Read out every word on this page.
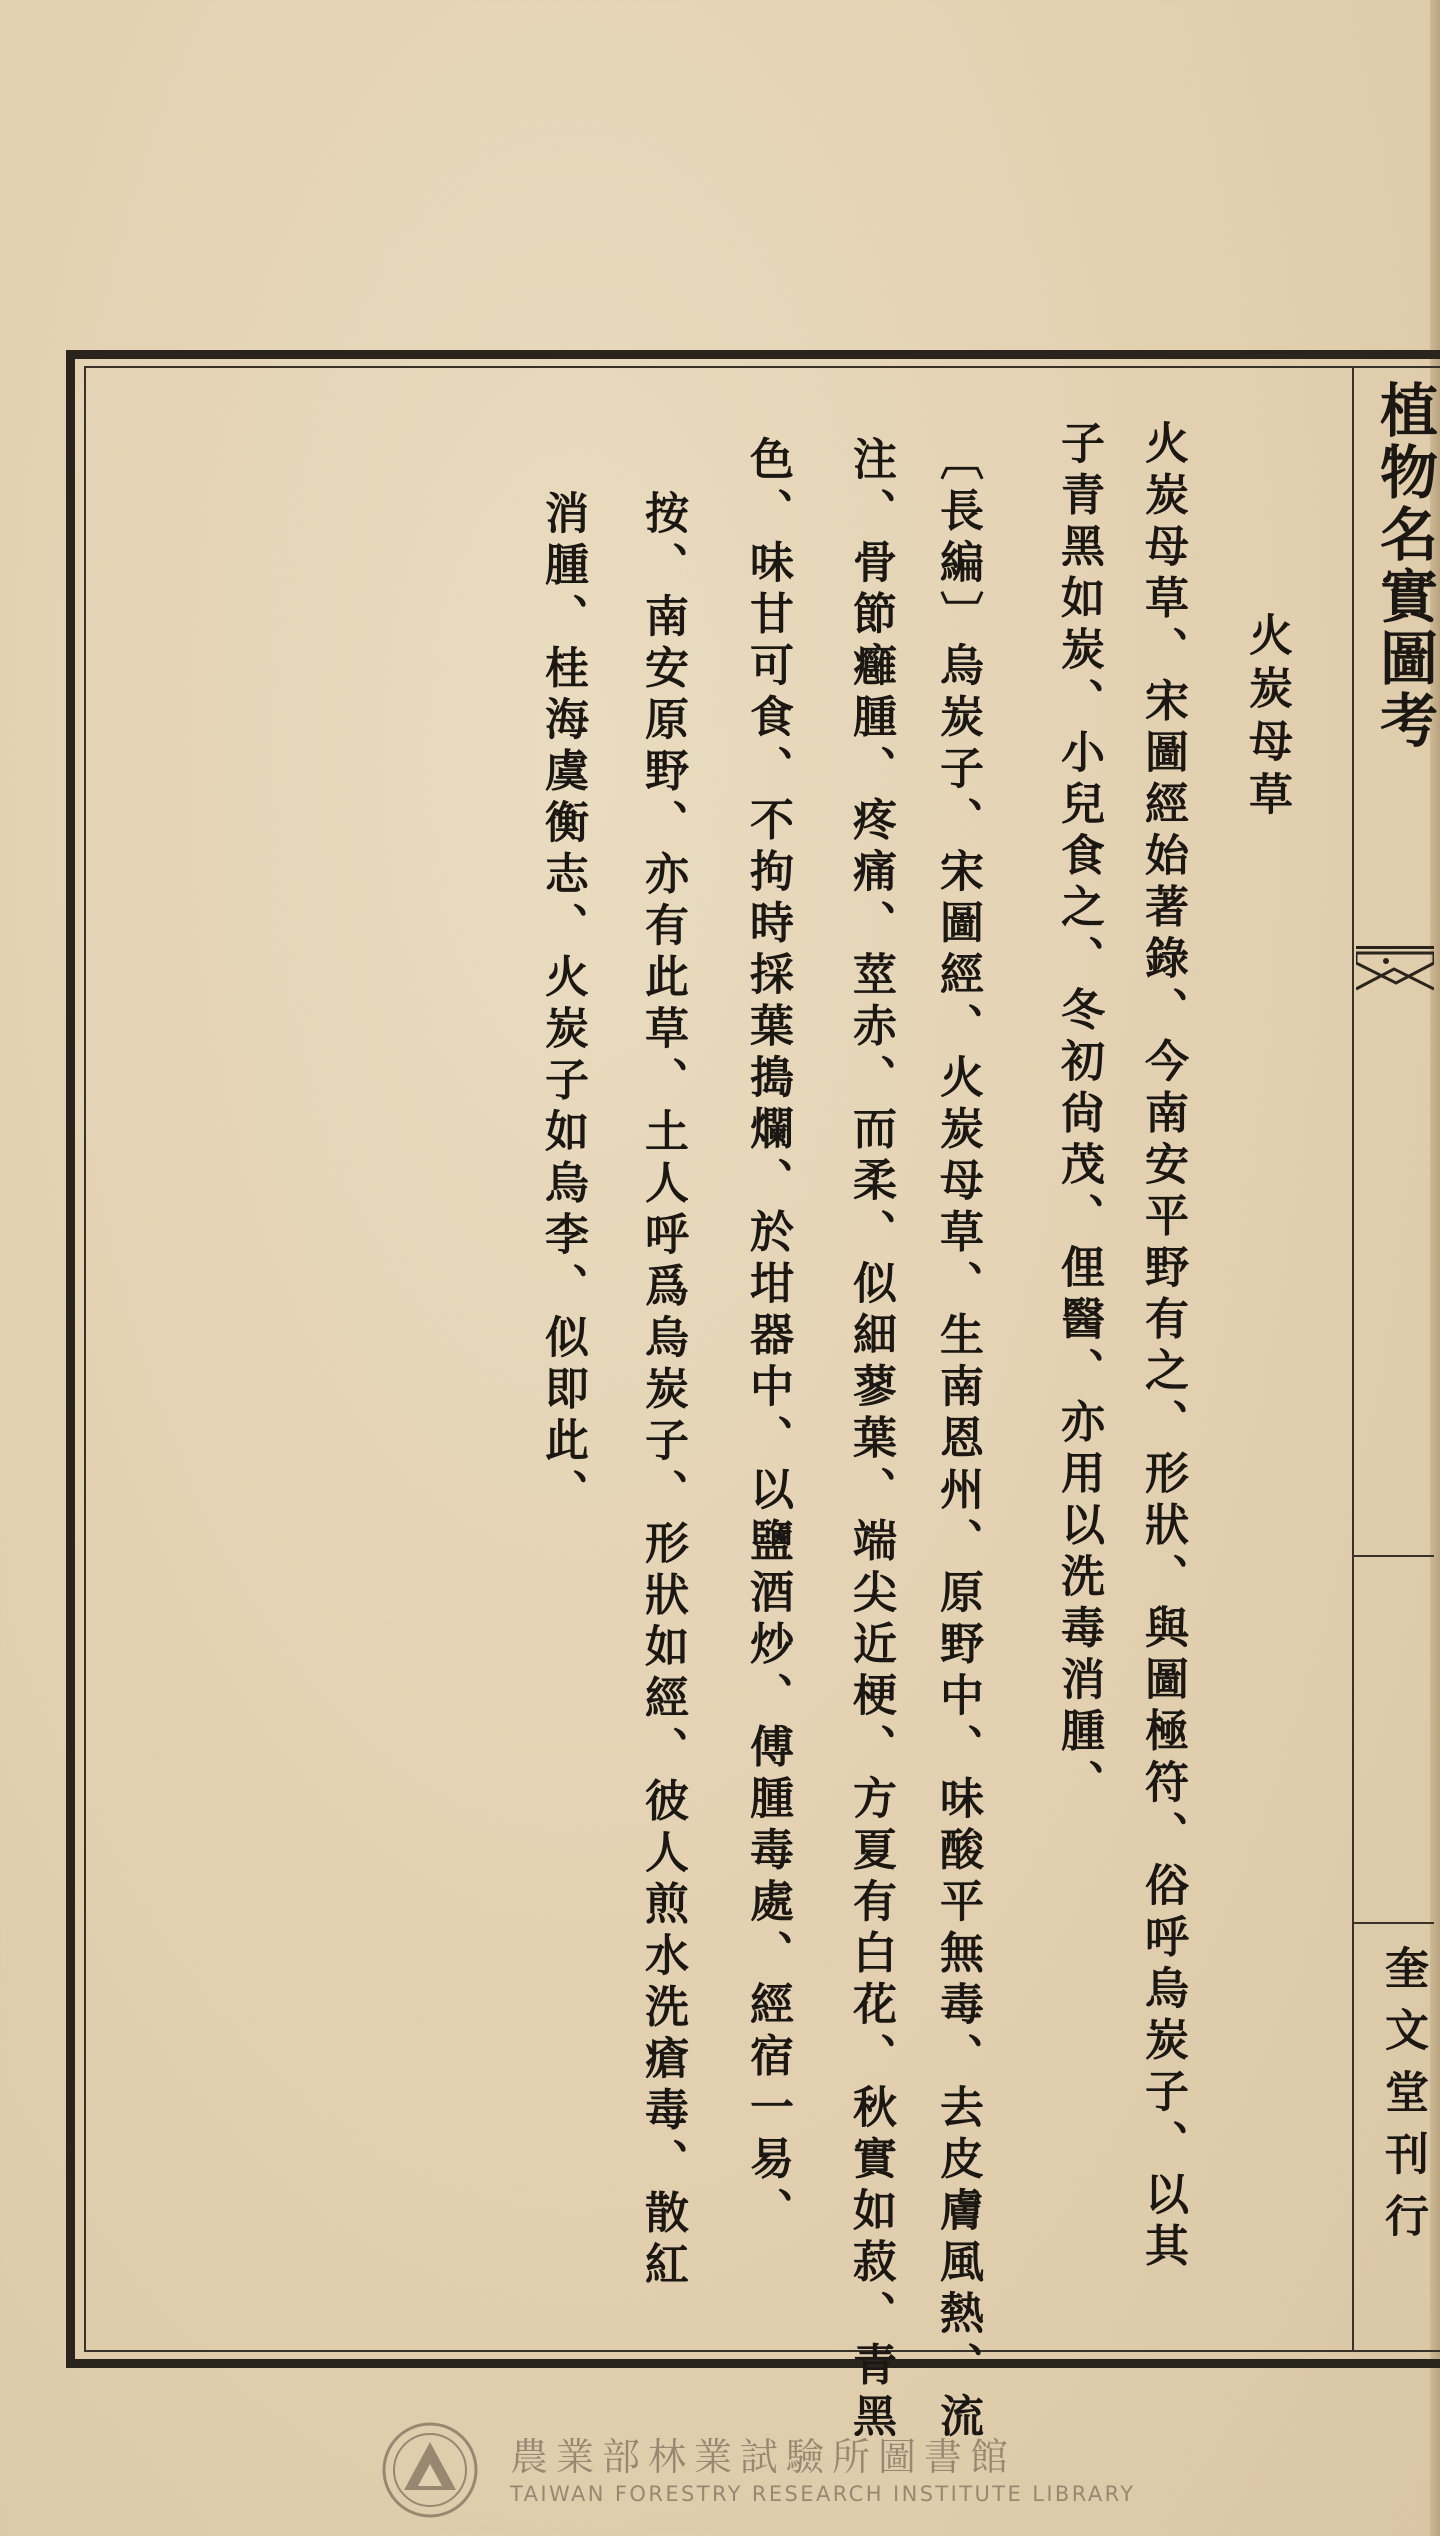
植物名實圖考

奎文堂刊行

火炭母草

火炭母草、宋圖經始著錄、今南安平野有之、形狀、與圖極符、俗呼烏炭子、以其

子青黑如炭、小兒食之、冬初尙茂、俚醫、亦用以洗毒消腫、

〔長編〕烏炭子、宋圖經、火炭母草、生南恩州、原野中、味酸平無毒、去皮膚風熱、流

注、骨節癰腫、疼痛、莖赤、而柔、似細蓼葉、端尖近梗、方夏有白花、秋實如菽、青黑

色、味甘可食、不拘時採葉搗爛、於坩器中、以鹽酒炒、傅腫毒處、經宿一易、

按、南安原野、亦有此草、土人呼爲烏炭子、形狀如經、彼人煎水洗瘡毒、散紅

消腫、桂海虞衡志、火炭子如烏李、似即此、

農業部林業試驗所圖書館
TAIWAN FORESTRY RESEARCH INSTITUTE LIBRARY
